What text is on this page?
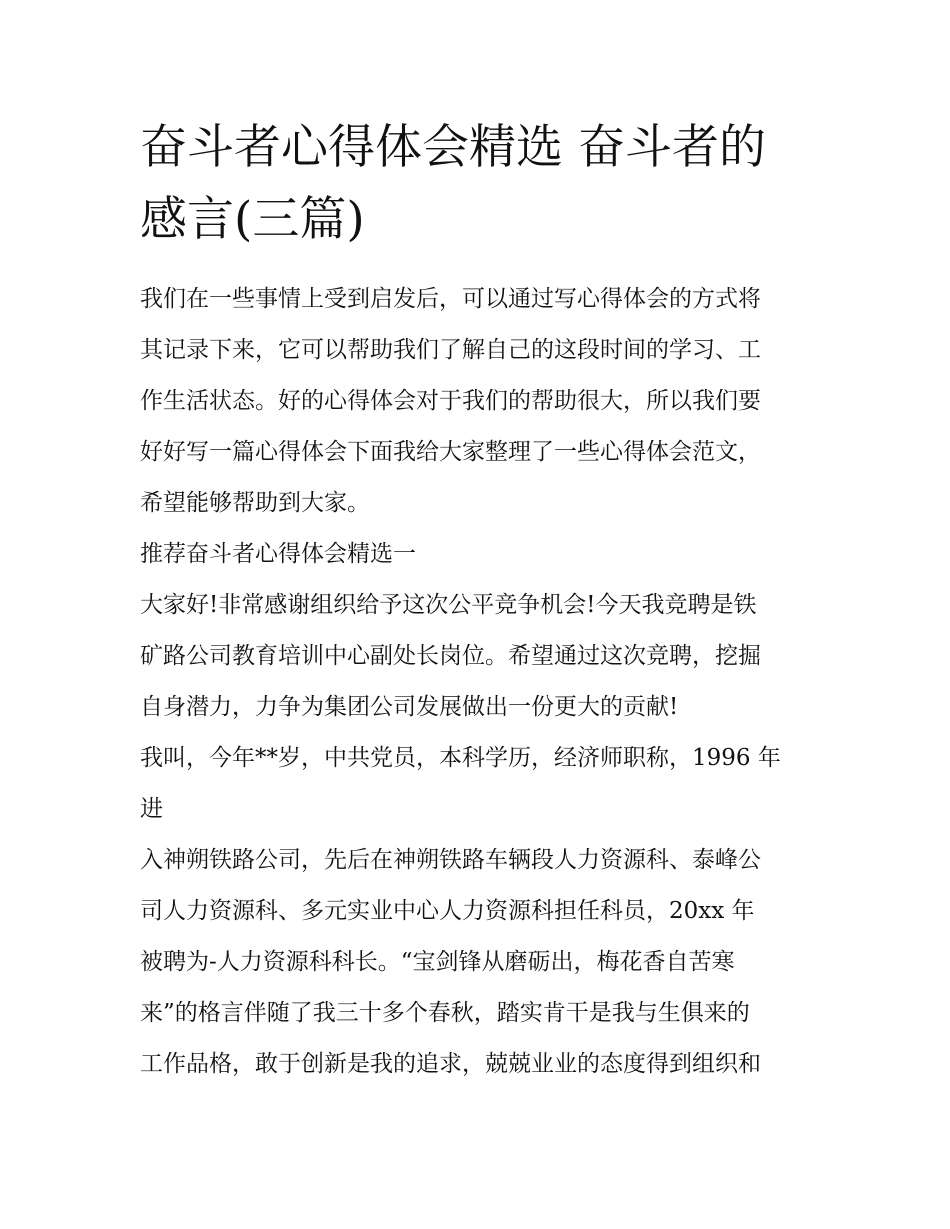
奋斗者心得体会精选 奋斗者的
感言(三篇)
我们在一些事情上受到启发后，可以通过写心得体会的方式将
其记录下来，它可以帮助我们了解自己的这段时间的学习、工
作生活状态。好的心得体会对于我们的帮助很大，所以我们要
好好写一篇心得体会下面我给大家整理了一些心得体会范文，
希望能够帮助到大家。
推荐奋斗者心得体会精选一
大家好!非常感谢组织给予这次公平竞争机会!今天我竞聘是铁
矿路公司教育培训中心副处长岗位。希望通过这次竞聘，挖掘
自身潜力，力争为集团公司发展做出一份更大的贡献!
我叫，今年**岁，中共党员，本科学历，经济师职称，1996 年
进
入神朔铁路公司，先后在神朔铁路车辆段人力资源科、泰峰公
司人力资源科、多元实业中心人力资源科担任科员，20xx 年
被聘为-人力资源科科长。“宝剑锋从磨砺出，梅花香自苦寒
来”的格言伴随了我三十多个春秋，踏实肯干是我与生俱来的
工作品格，敢于创新是我的追求，兢兢业业的态度得到组织和
